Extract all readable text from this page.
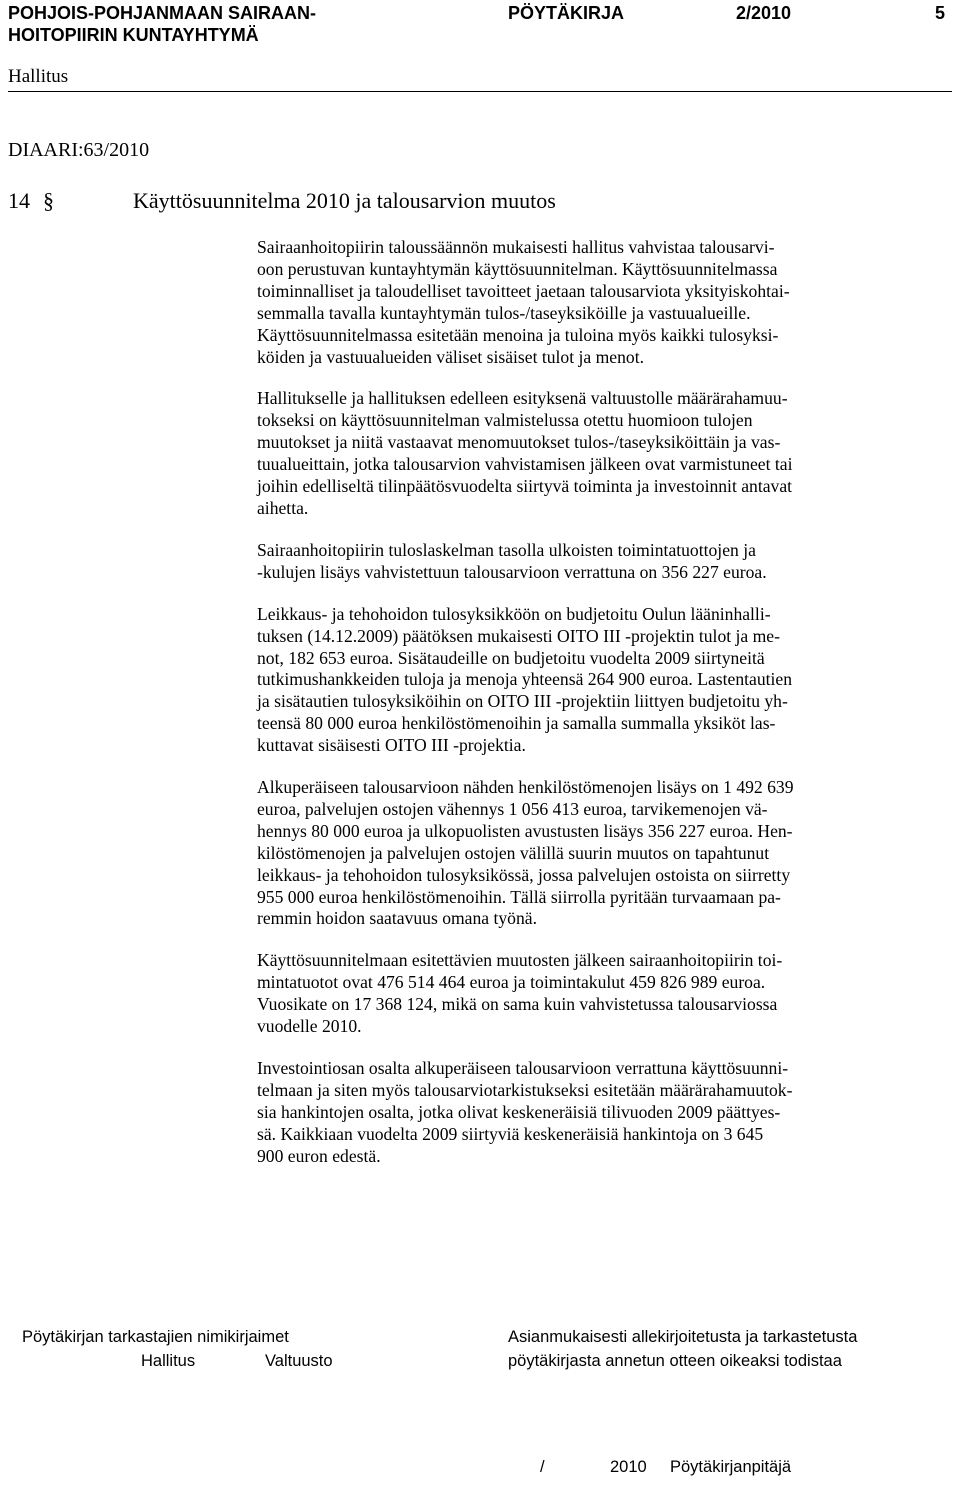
POHJOIS-POHJANMAAN SAIRAAN-
HOITOPIIRIN KUNTAYHTYMÄ
PÖYTÄKIRJA	2/2010	5
Hallitus
DIAARI:63/2010
14 §	Käyttösuunnitelma 2010 ja talousarvion muutos

Sairaanhoitopiirin taloussäännön mukaisesti hallitus vahvistaa talousarvi-
oon perustuvan kuntayhtymän käyttösuunnitelman. Käyttösuunnitelmassa
toiminnalliset ja taloudelliset tavoitteet jaetaan talousarviota yksityiskohtai-
semmalla tavalla kuntayhtymän tulos-/taseyksiköille ja vastuualueille.
Käyttösuunnitelmassa esitetään menoina ja tuloina myös kaikki tulosyksi-
köiden ja vastuualueiden väliset sisäiset tulot ja menot.

Hallitukselle ja hallituksen edelleen esityksenä valtuustolle määrärahamuu-
tokseksi on käyttösuunnitelman valmistelussa otettu huomioon tulojen
muutokset ja niitä vastaavat menomuutokset tulos-/taseyksiköittäin ja vas-
tuualueittain, jotka talousarvion vahvistamisen jälkeen ovat varmistuneet tai
joihin edelliseltä tilinpäätösvuodelta siirtyvä toiminta ja investoinnit antavat
aihetta.

Sairaanhoitopiirin tuloslaskelman tasolla ulkoisten toimintatuottojen ja
-kulujen lisäys vahvistettuun talousarvioon verrattuna on 356 227 euroa.

Leikkaus- ja tehohoidon tulosyksikköön on budjetoitu Oulun lääninhalli-
tuksen (14.12.2009) päätöksen mukaisesti OITO III -projektin tulot ja me-
not, 182 653 euroa. Sisätaudeille on budjetoitu vuodelta 2009 siirtyneitä
tutkimushankkeiden tuloja ja menoja yhteensä 264 900 euroa. Lastentautien
ja sisätautien tulosyksiköihin on OITO III -projektiin liittyen budjetoitu yh-
teensä 80 000 euroa henkilöstömenoihin ja samalla summalla yksiköt las-
kuttavat sisäisesti OITO III -projektia.

Alkuperäiseen talousarvioon nähden henkilöstömenojen lisäys on 1 492 639
euroa, palvelujen ostojen vähennys 1 056 413 euroa, tarvikemenojen vä-
hennys 80 000 euroa ja ulkopuolisten avustusten lisäys 356 227 euroa. Hen-
kilöstömenojen ja palvelujen ostojen välillä suurin muutos on tapahtunut
leikkaus- ja tehohoidon tulosyksikössä, jossa palvelujen ostoista on siirretty
955 000 euroa henkilöstömenoihin. Tällä siirrolla pyritään turvaamaan pa-
remmin hoidon saatavuus omana työnä.

Käyttösuunnitelmaan esitettävien muutosten jälkeen sairaanhoitopiirin toi-
mintatuotot ovat 476 514 464 euroa ja toimintakulut 459 826 989 euroa.
Vuosikate on 17 368 124, mikä on sama kuin vahvistetussa talousarviossa
vuodelle 2010.

Investointiosan osalta alkuperäiseen talousarvioon verrattuna käyttösuunni-
telmaan ja siten myös talousarviotarkistukseksi esitetään määrärahamuutok-
sia hankintojen osalta, jotka olivat keskeneräisiä tilivuoden 2009 päättyes-
sä. Kaikkiaan vuodelta 2009 siirtyviä keskeneräisiä hankintoja on 3 645
900 euron edestä.

Pöytäkirjan tarkastajien nimikirjaimet
Hallitus	Valtuusto
Asianmukaisesti allekirjoitetusta ja tarkastetusta
pöytäkirjasta annetun otteen oikeaksi todistaa
/	2010 Pöytäkirjanpitäjä
